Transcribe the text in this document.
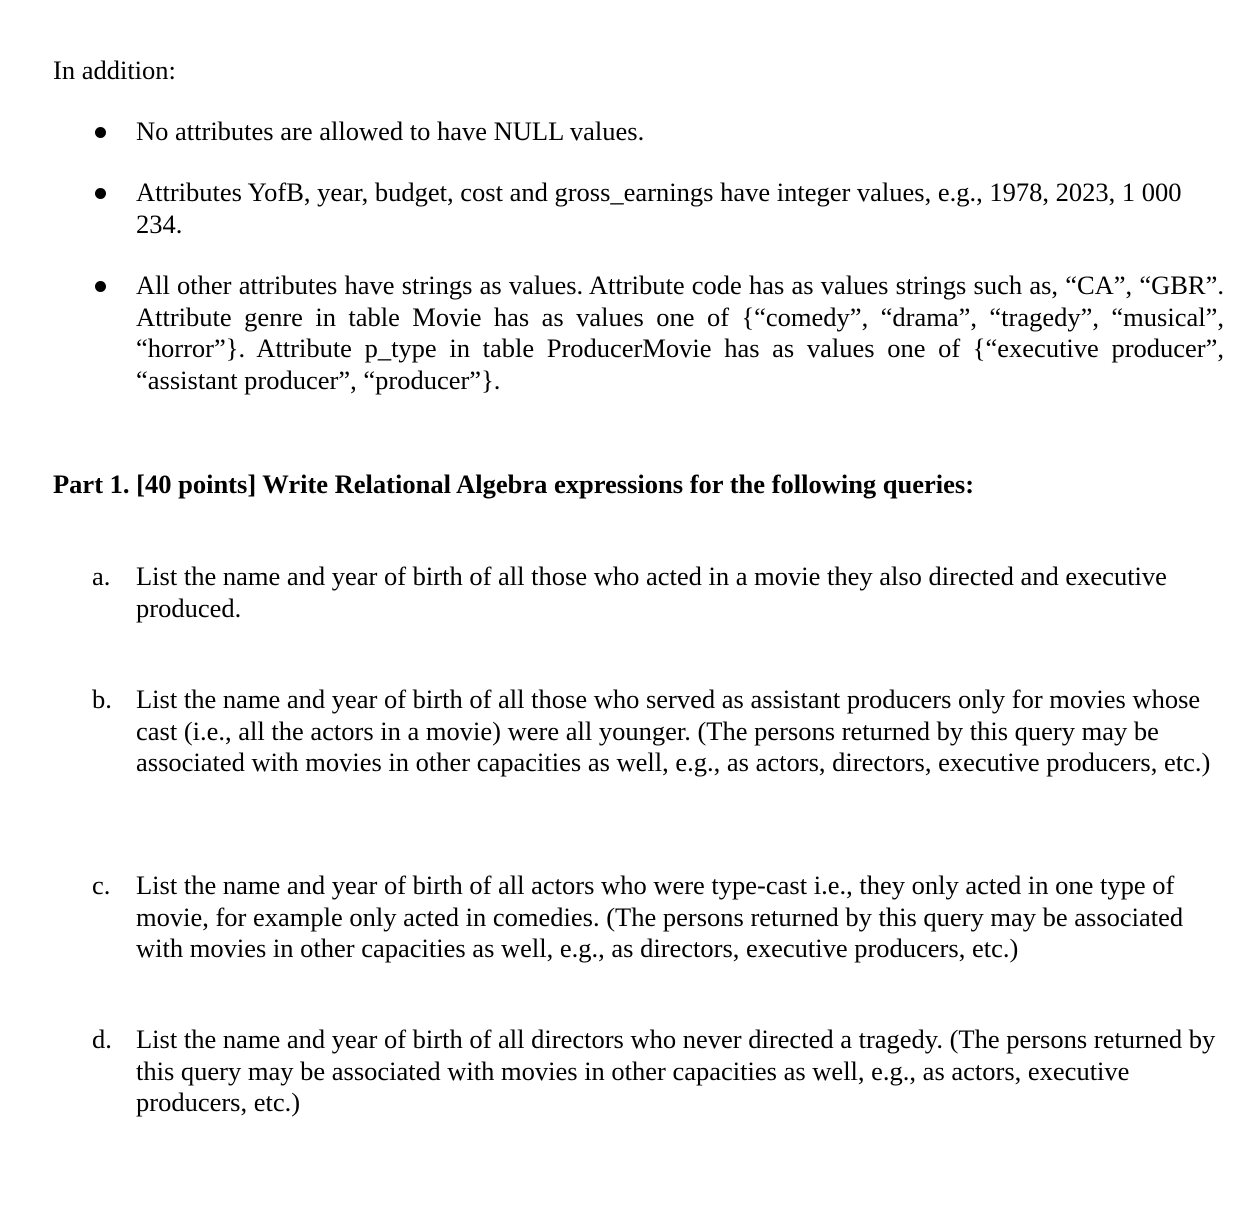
In addition:

No attributes are allowed to have NULL values.

Attributes YofB, year, budget, cost and gross_earnings have integer values, e.g., 1978, 2023, 1 000 234.

All other attributes have strings as values. Attribute code has as values strings such as, “CA”, “GBR”. Attribute genre in table Movie has as values one of {“comedy”, “drama”, “tragedy”, “musical”, “horror”}. Attribute p_type in table ProducerMovie has as values one of {“executive producer”, “assistant producer”, “producer”}.

Part 1. [40 points] Write Relational Algebra expressions for the following queries:

a. List the name and year of birth of all those who acted in a movie they also directed and executive produced.

b. List the name and year of birth of all those who served as assistant producers only for movies whose cast (i.e., all the actors in a movie) were all younger. (The persons returned by this query may be associated with movies in other capacities as well, e.g., as actors, directors, executive producers, etc.)

c. List the name and year of birth of all actors who were type-cast i.e., they only acted in one type of movie, for example only acted in comedies. (The persons returned by this query may be associated with movies in other capacities as well, e.g., as directors, executive producers, etc.)

d. List the name and year of birth of all directors who never directed a tragedy. (The persons returned by this query may be associated with movies in other capacities as well, e.g., as actors, executive producers, etc.)
